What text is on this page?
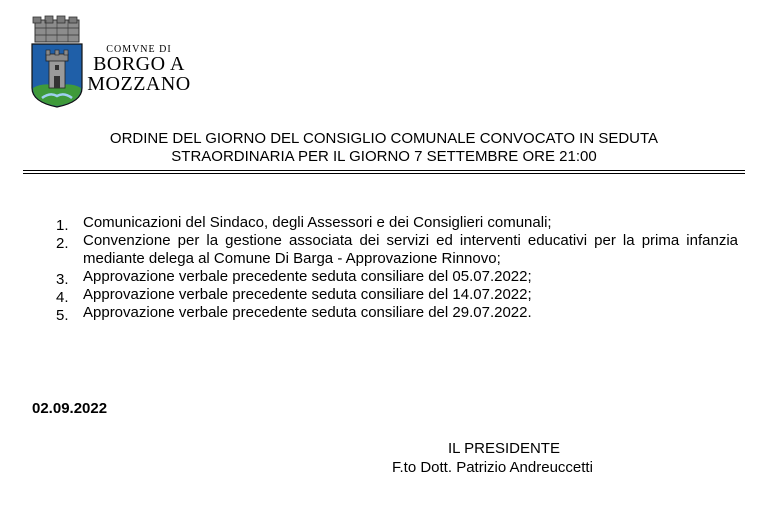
COMVNE DI
BORGO A
MOZZANO
ORDINE DEL GIORNO DEL CONSIGLIO COMUNALE CONVOCATO IN SEDUTA
STRAORDINARIA PER IL GIORNO 7 SETTEMBRE ORE 21:00
1. Comunicazioni del Sindaco, degli Assessori e dei Consiglieri comunali;
2. Convenzione per la gestione associata dei servizi ed interventi educativi per la prima infanzia mediante delega al Comune Di Barga - Approvazione Rinnovo;
3. Approvazione verbale precedente seduta consiliare del 05.07.2022;
4. Approvazione verbale precedente seduta consiliare del 14.07.2022;
5. Approvazione verbale precedente seduta consiliare del 29.07.2022.
02.09.2022
IL PRESIDENTE
F.to Dott. Patrizio Andreuccetti
